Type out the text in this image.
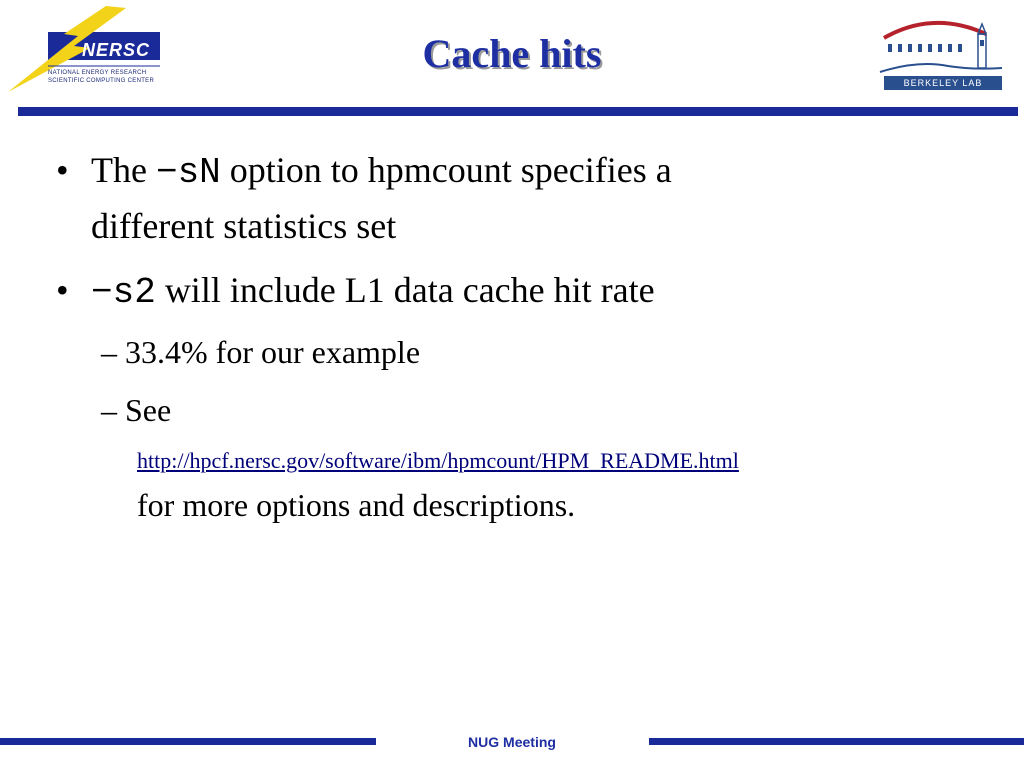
NERSC
NATIONAL ENERGY RESEARCH
SCIENTIFIC COMPUTING CENTER
Cache hits
BERKELEY LAB
• The −sN option to hpmcount specifies a
different statistics set
• −s2 will include L1 data cache hit rate
– 33.4% for our example
– See
http://hpcf.nersc.gov/software/ibm/hpmcount/HPM_README.html
for more options and descriptions.
NUG Meeting
